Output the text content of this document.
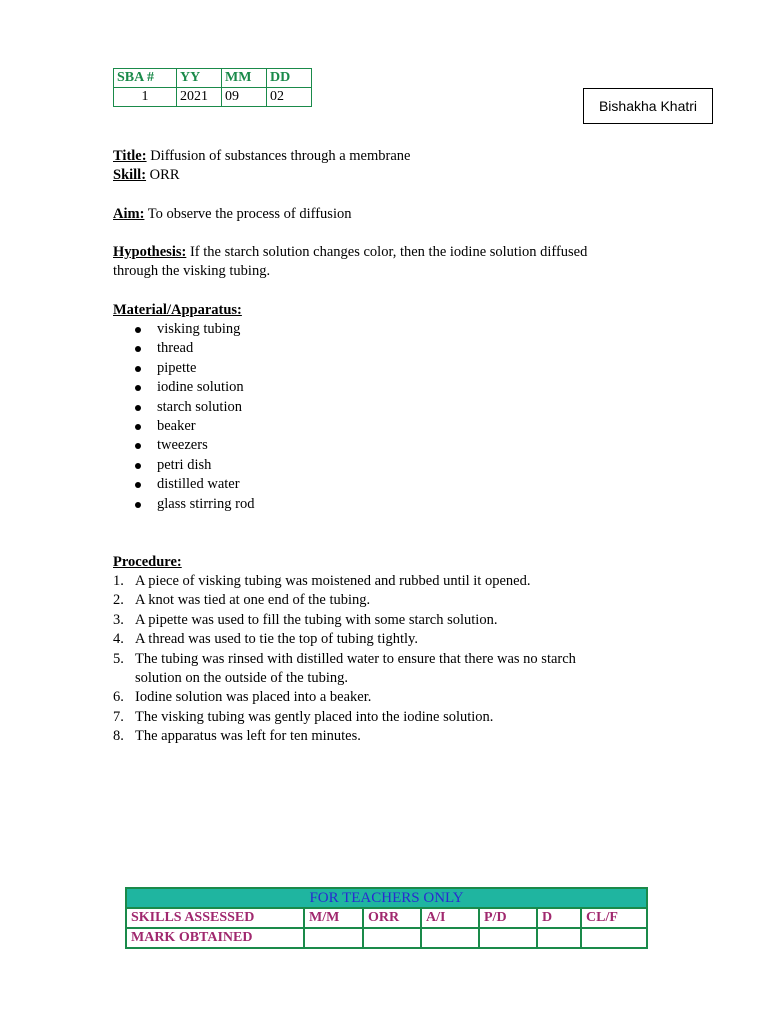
SBA #	YY	MM	DD
1	2021	09	02
Bishakha Khatri
Title: Diffusion of substances through a membrane
Skill: ORR
Aim: To observe the process of diffusion
Hypothesis: If the starch solution changes color, then the iodine solution diffused
through the visking tubing.
Material/Apparatus:
visking tubing
thread
pipette
iodine solution
starch solution
beaker
tweezers
petri dish
distilled water
glass stirring rod
Procedure:
1. A piece of visking tubing was moistened and rubbed until it opened.
2. A knot was tied at one end of the tubing.
3. A pipette was used to fill the tubing with some starch solution.
4. A thread was used to tie the top of tubing tightly.
5. The tubing was rinsed with distilled water to ensure that there was no starch
solution on the outside of the tubing.
6. Iodine solution was placed into a beaker.
7. The visking tubing was gently placed into the iodine solution.
8. The apparatus was left for ten minutes.
FOR TEACHERS ONLY						
SKILLS ASSESSED	M/M	ORR	A/I	P/D	D	CL/F
MARK OBTAINED						
